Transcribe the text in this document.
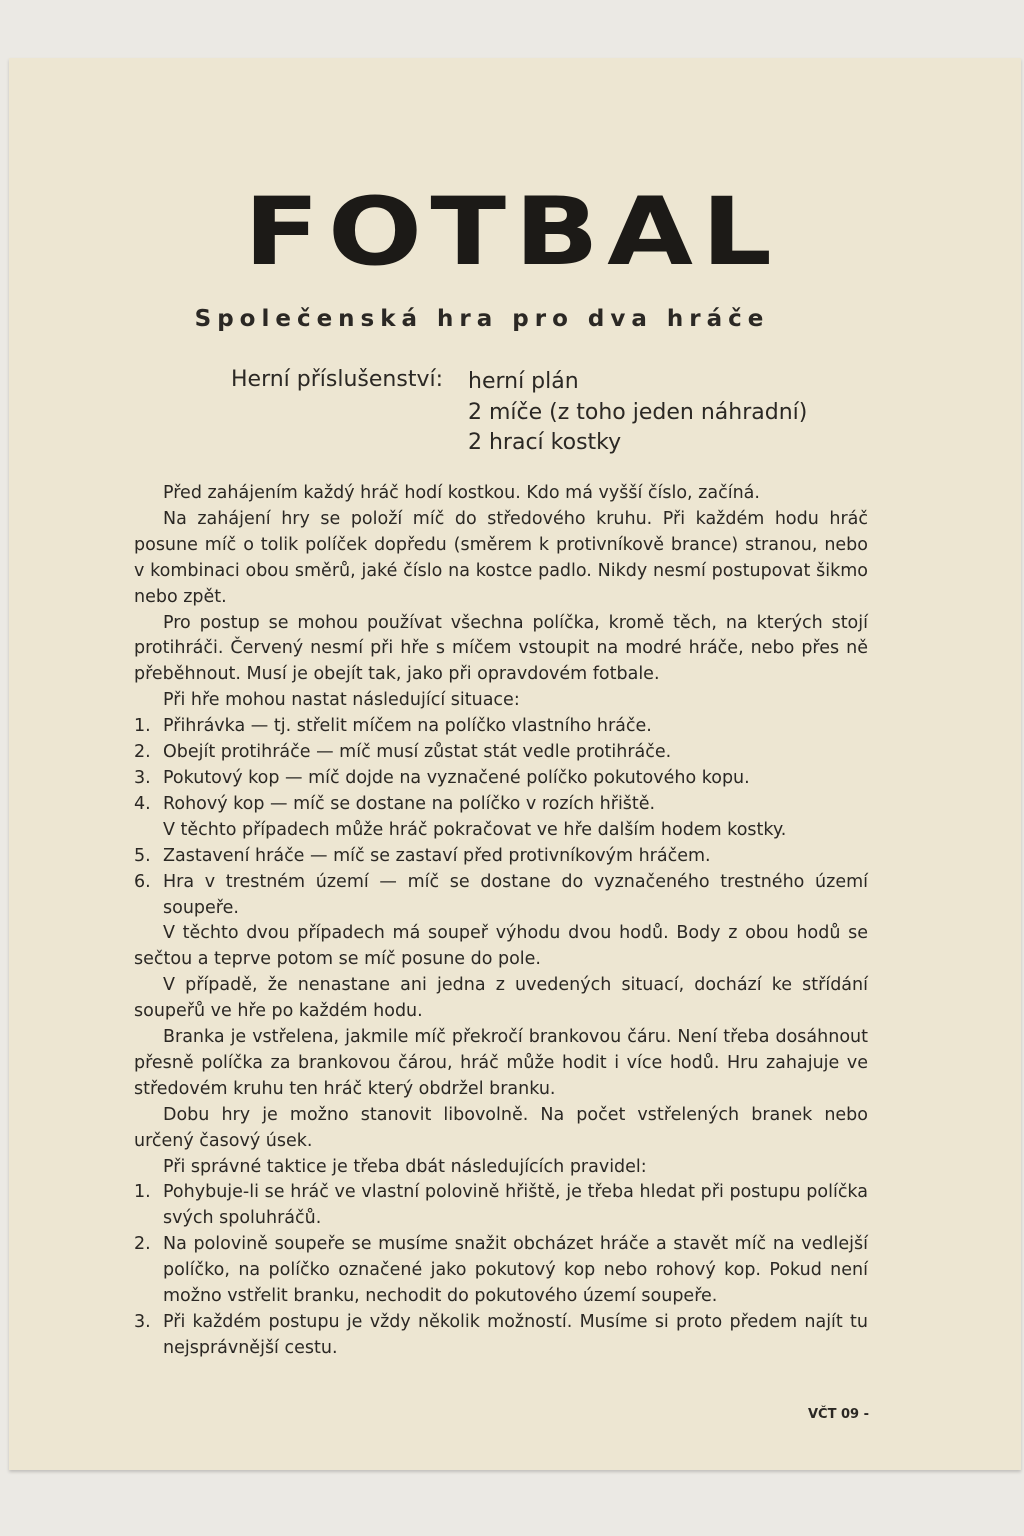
FOTBAL
Společenská hra pro dva hráče
Herní příslušenství: herní plán
2 míče (z toho jeden náhradní)
2 hrací kostky

Před zahájením každý hráč hodí kostkou. Kdo má vyšší číslo, začíná.

Na zahájení hry se položí míč do středového kruhu. Při každém hodu hráč posune míč o tolik políček dopředu (směrem k protivníkově brance) stranou, nebo v kombinaci obou směrů, jaké číslo na kostce padlo. Nikdy nesmí postupovat šikmo nebo zpět.

Pro postup se mohou používat všechna políčka, kromě těch, na kterých stojí protihráči. Červený nesmí při hře s míčem vstoupit na modré hráče, nebo přes ně přeběhnout. Musí je obejít tak, jako při opravdovém fotbale.

Při hře mohou nastat následující situace:

1. Přihrávka — tj. střelit míčem na políčko vlastního hráče.
2. Obejít protihráče — míč musí zůstat stát vedle protihráče.
3. Pokutový kop — míč dojde na vyznačené políčko pokutového kopu.
4. Rohový kop — míč se dostane na políčko v rozích hřiště.

V těchto případech může hráč pokračovat ve hře dalším hodem kostky.

5. Zastavení hráče — míč se zastaví před protivníkovým hráčem.
6. Hra v trestném území — míč se dostane do vyznačeného trestného území soupeře.

V těchto dvou případech má soupeř výhodu dvou hodů. Body z obou hodů se sečtou a teprve potom se míč posune do pole.

V případě, že nenastane ani jedna z uvedených situací, dochází ke střídání soupeřů ve hře po každém hodu.

Branka je vstřelena, jakmile míč překročí brankovou čáru. Není třeba dosáhnout přesně políčka za brankovou čárou, hráč může hodit i více hodů. Hru zahajuje ve středovém kruhu ten hráč který obdržel branku.

Dobu hry je možno stanovit libovolně. Na počet vstřelených branek nebo určený časový úsek.

Při správné taktice je třeba dbát následujících pravidel:

1. Pohybuje-li se hráč ve vlastní polovině hřiště, je třeba hledat při postupu políčka svých spoluhráčů.
2. Na polovině soupeře se musíme snažit obcházet hráče a stavět míč na vedlejší políčko, na políčko označené jako pokutový kop nebo rohový kop. Pokud není možno vstřelit branku, nechodit do pokutového území soupeře.
3. Při každém postupu je vždy několik možností. Musíme si proto předem najít tu nejsprávnější cestu.
VČT 09 -
